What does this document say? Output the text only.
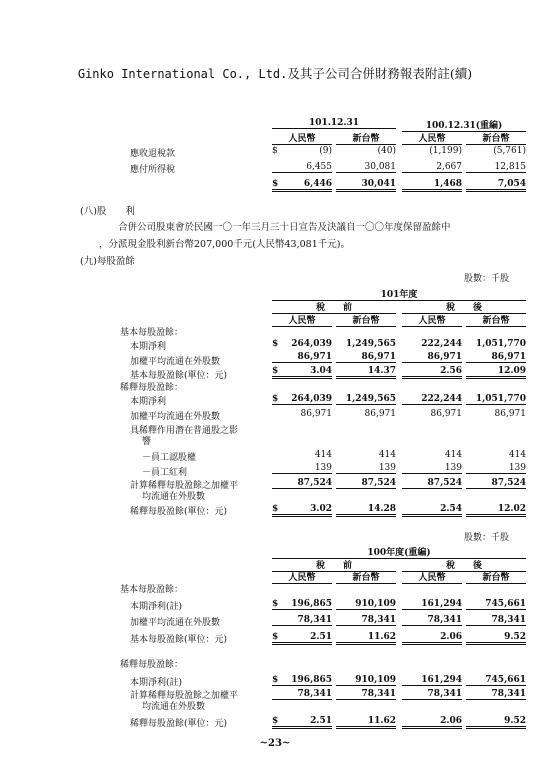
Ginko International Co., Ltd.及其子公司合併財務報表附註(續)
101.12.31	100.12.31(重編)
人民幣	新台幣	人民幣	新台幣
應收退稅款	$	(9)	(40)	(1,199)	(5,761)
應付所得稅	6,455	30,081	2,667	12,815
$	6,446	30,041	1,468	7,054
(八)股　　利
合併公司股東會於民國一〇一年三月三十日宣告及決議自一〇〇年度保留盈餘中
，分派現金股利新台幣207,000千元(人民幣43,081千元)。
(九)每股盈餘
股數：千股
101年度
稅　　前	稅　　後
人民幣	新台幣	人民幣	新台幣
基本每股盈餘：
本期淨利	$	264,039	1,249,565	222,244	1,051,770
加權平均流通在外股數	86,971	86,971	86,971	86,971
基本每股盈餘(單位：元)	$	3.04	14.37	2.56	12.09
稀釋每股盈餘：
本期淨利	$	264,039	1,249,565	222,244	1,051,770
加權平均流通在外股數	86,971	86,971	86,971	86,971
具稀釋作用潛在普通股之影
響
－員工認股權	414	414	414	414
－員工紅利	139	139	139	139
計算稀釋每股盈餘之加權平
均流通在外股數
87,524	87,524	87,524	87,524
稀釋每股盈餘(單位：元)	$	3.02	14.28	2.54	12.02
股數：千股
100年度(重編)
稅　　前	稅　　後
人民幣	新台幣	人民幣	新台幣
基本每股盈餘：
本期淨利(註)	$	196,865	910,109	161,294	745,661
加權平均流通在外股數	78,341	78,341	78,341	78,341
基本每股盈餘(單位：元)	$	2.51	11.62	2.06	9.52
稀釋每股盈餘：
本期淨利(註)	$	196,865	910,109	161,294	745,661
計算稀釋每股盈餘之加權平
均流通在外股數
78,341	78,341	78,341	78,341
稀釋每股盈餘(單位：元)	$	2.51	11.62	2.06	9.52
~23~
